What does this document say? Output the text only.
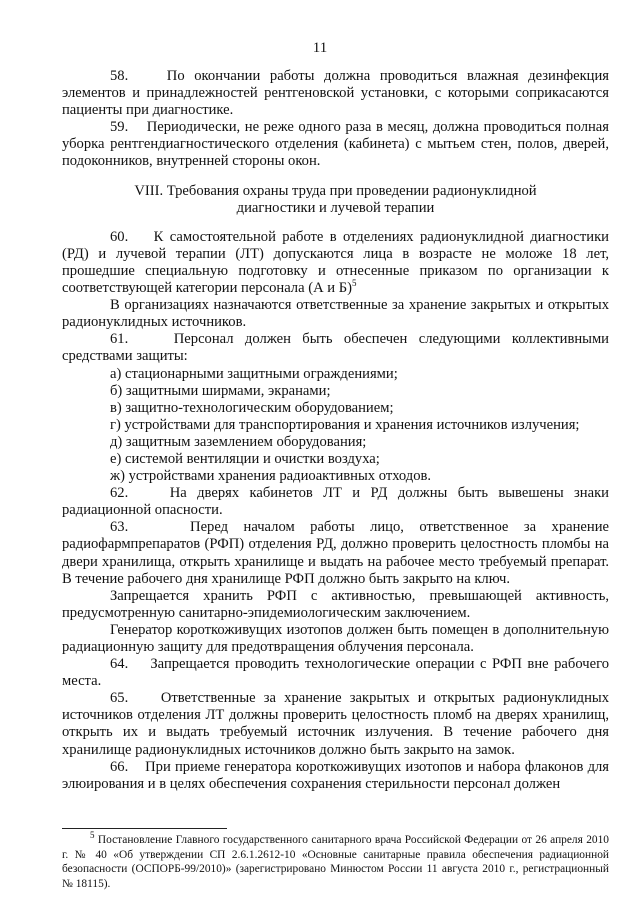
11

58.    По окончании работы должна проводиться влажная дезинфекция элементов и принадлежностей рентгеновской установки, с которыми соприкасаются пациенты при диагностике.

59.    Периодически, не реже одного раза в месяц, должна проводиться полная уборка рентгендиагностического отделения (кабинета) с мытьем стен, полов, дверей, подоконников, внутренней стороны окон.

VIII. Требования охраны труда при проведении радионуклидной
диагностики и лучевой терапии

60.    К самостоятельной работе в отделениях радионуклидной диагностики (РД) и лучевой терапии (ЛТ) допускаются лица в возрасте не моложе 18 лет, прошедшие специальную подготовку и отнесенные приказом по организации к соответствующей категории персонала (А и Б)$^5$

В организациях назначаются ответственные за хранение закрытых и открытых радионуклидных источников.

61.    Персонал должен быть обеспечен следующими коллективными средствами защиты:

а) стационарными защитными ограждениями;

б) защитными ширмами, экранами;

в) защитно-технологическим оборудованием;

г) устройствами для транспортирования и хранения источников излучения;

д) защитным заземлением оборудования;

е) системой вентиляции и очистки воздуха;

ж) устройствами хранения радиоактивных отходов.

62.    На дверях кабинетов ЛТ и РД должны быть вывешены знаки радиационной опасности.

63.    Перед началом работы лицо, ответственное за хранение радиофармпрепаратов (РФП) отделения РД, должно проверить целостность пломбы на двери хранилища, открыть хранилище и выдать на рабочее место требуемый препарат. В течение рабочего дня хранилище РФП должно быть закрыто на ключ.

Запрещается хранить РФП с активностью, превышающей активность, предусмотренную санитарно-эпидемиологическим заключением.

Генератор короткоживущих изотопов должен быть помещен в дополнительную радиационную защиту для предотвращения облучения персонала.

64.    Запрещается проводить технологические операции с РФП вне рабочего места.

65.    Ответственные за хранение закрытых и открытых радионуклидных источников отделения ЛТ должны проверить целостность пломб на дверях хранилищ, открыть их и выдать требуемый источник излучения. В течение рабочего дня хранилище радионуклидных источников должно быть закрыто на замок.

66.    При приеме генератора короткоживущих изотопов и набора флаконов для элюирования и в целях обеспечения сохранения стерильности персонал должен

$^5$ Постановление Главного государственного санитарного врача Российской Федерации от 26 апреля 2010 г. № 40 «Об утверждении СП 2.6.1.2612-10 «Основные санитарные правила обеспечения радиационной безопасности (ОСПОРБ-99/2010)» (зарегистрировано Минюстом России 11 августа 2010 г., регистрационный № 18115).
